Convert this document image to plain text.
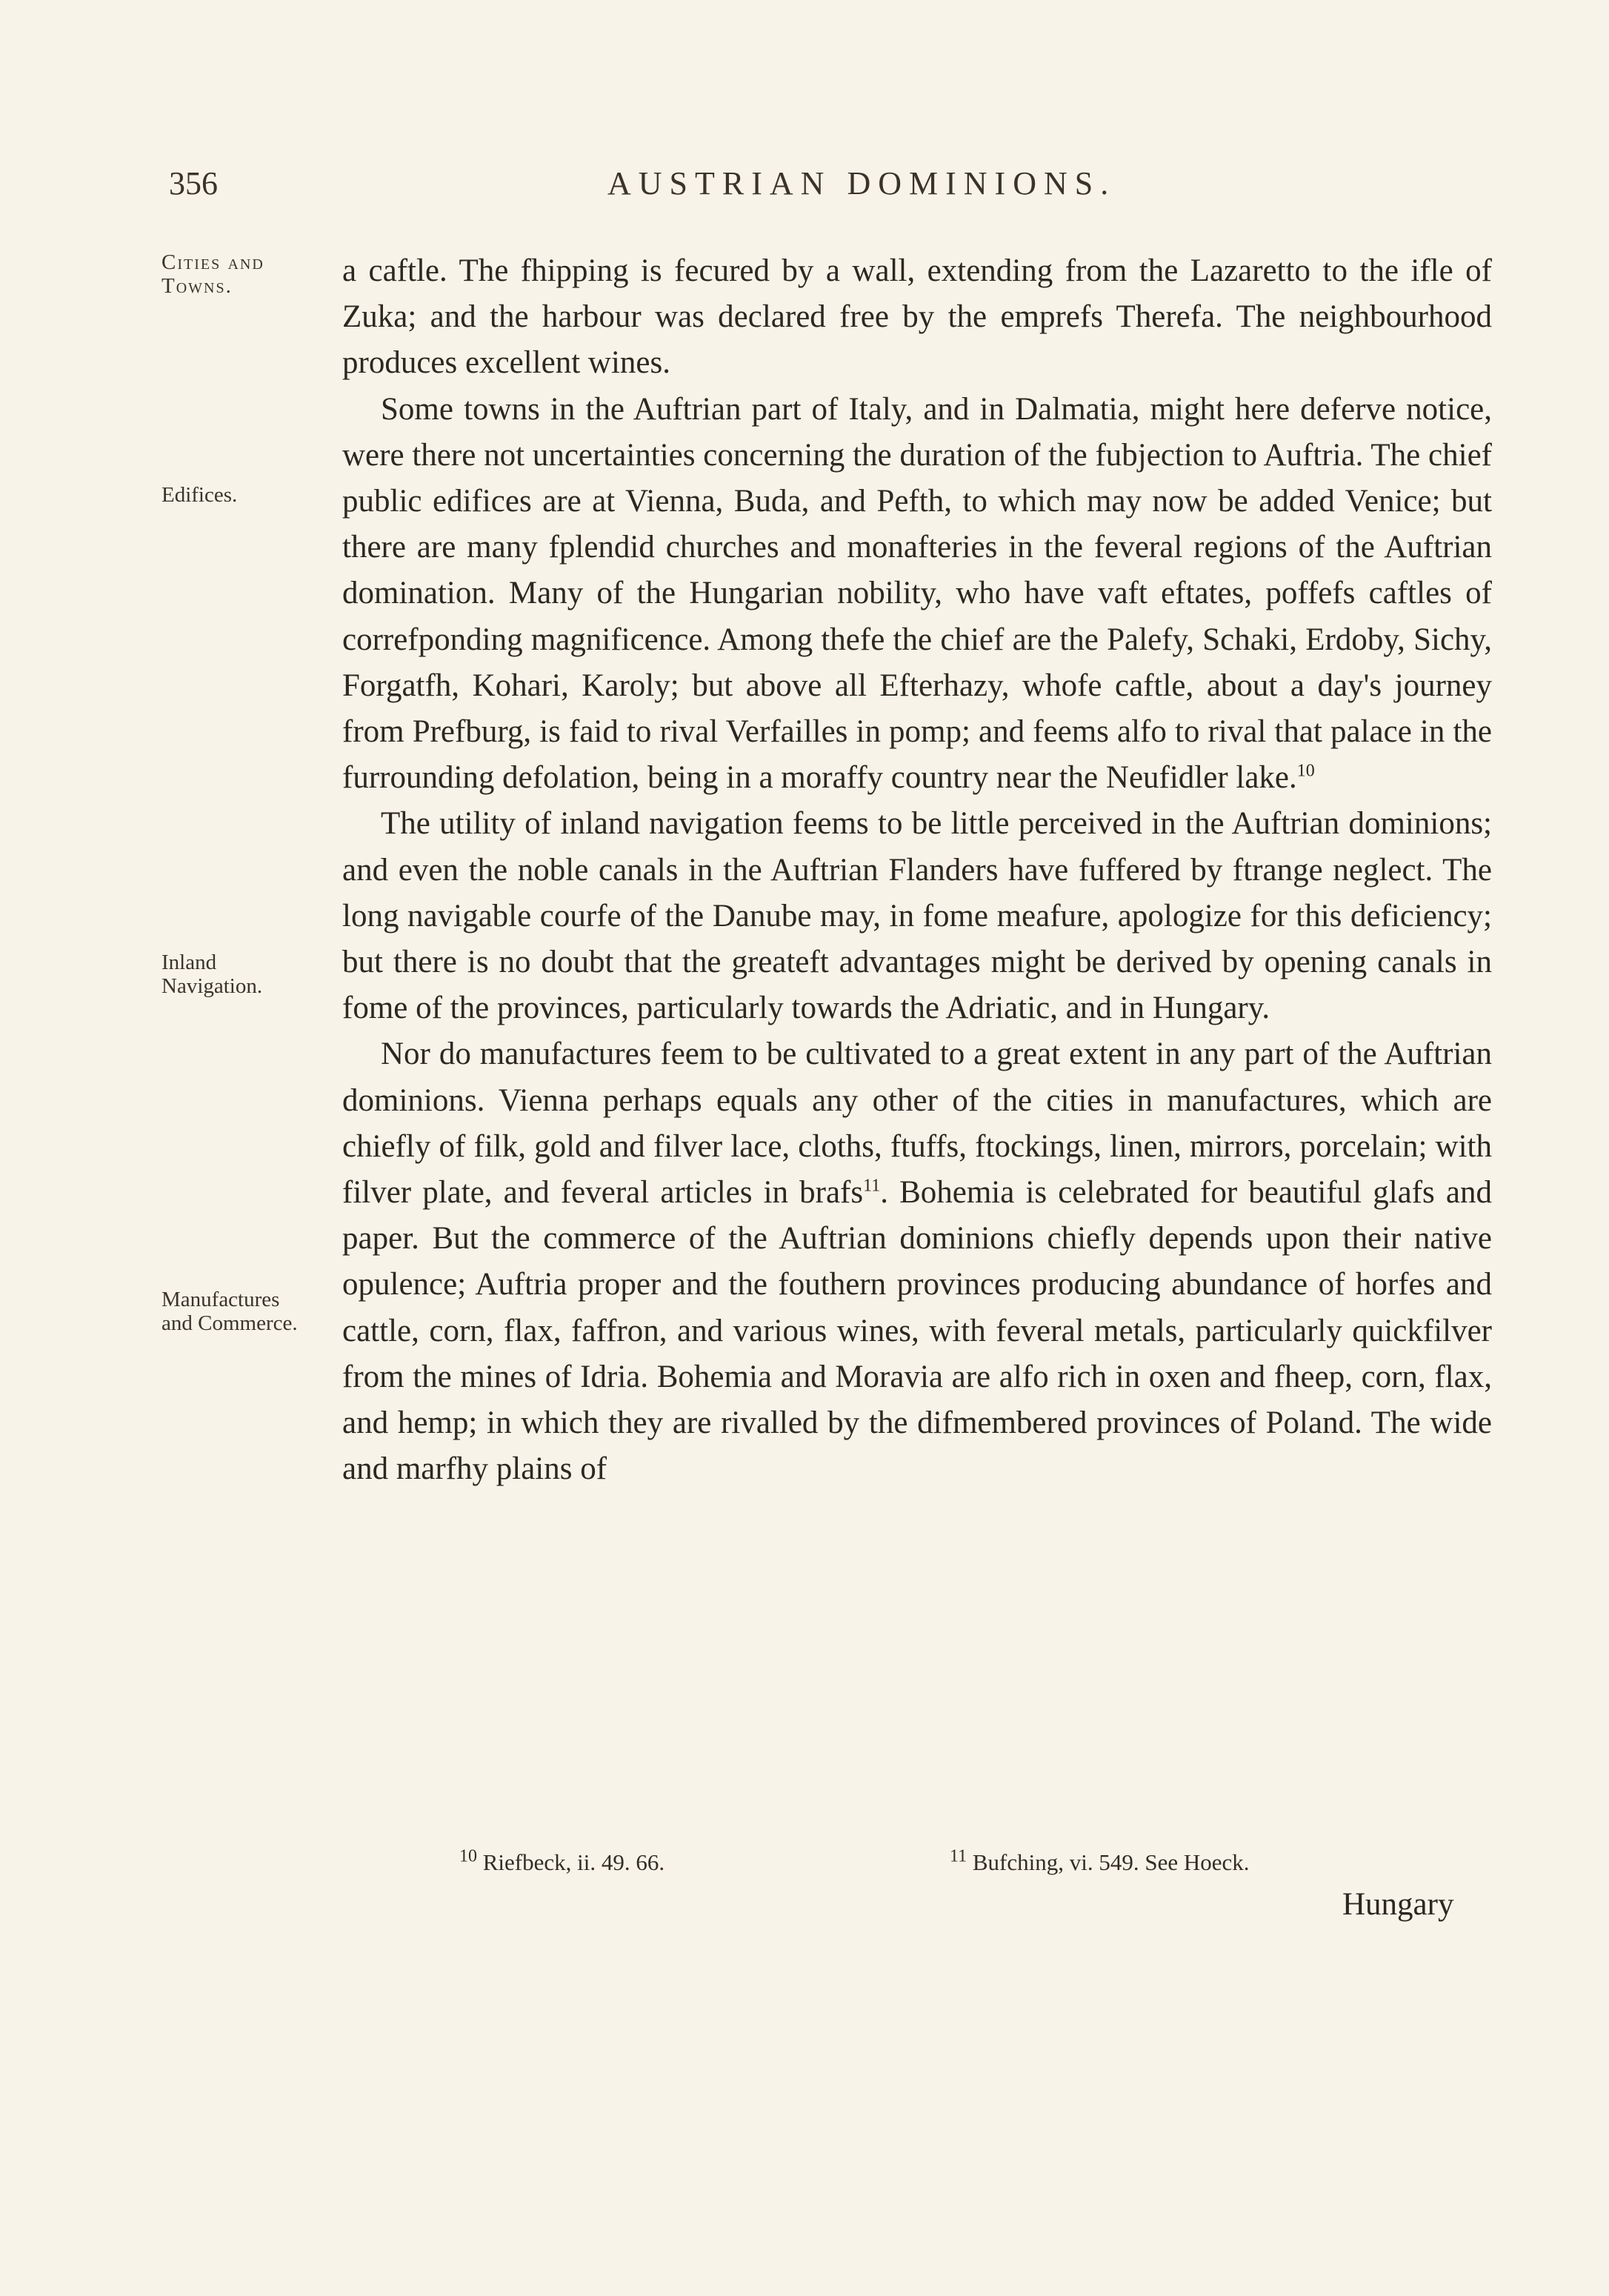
356	AUSTRIAN DOMINIONS.
Cities and Towns.
Edifices.
Inland Navigation.
Manufactures and Commerce.

a caftle. The fhipping is fecured by a wall, extending from the Lazaretto to the ifle of Zuka; and the harbour was declared free by the emprefs Therefa. The neighbourhood produces excellent wines.

Some towns in the Auftrian part of Italy, and in Dalmatia, might here deferve notice, were there not uncertainties concerning the duration of the fubjection to Auftria. The chief public edifices are at Vienna, Buda, and Pefth, to which may now be added Venice; but there are many fplendid churches and monafteries in the feveral regions of the Auftrian domination. Many of the Hungarian nobility, who have vaft eftates, poffefs caftles of correfponding magnificence. Among thefe the chief are the Palefy, Schaki, Erdoby, Sichy, Forgatfh, Kohari, Karoly; but above all Efterhazy, whofe caftle, about a day's journey from Prefburg, is faid to rival Verfailles in pomp; and feems alfo to rival that palace in the furrounding defolation, being in a moraffy country near the Neufidler lake.$^{10}$

The utility of inland navigation feems to be little perceived in the Auftrian dominions; and even the noble canals in the Auftrian Flanders have fuffered by ftrange neglect. The long navigable courfe of the Danube may, in fome meafure, apologize for this deficiency; but there is no doubt that the greateft advantages might be derived by opening canals in fome of the provinces, particularly towards the Adriatic, and in Hungary.

Nor do manufactures feem to be cultivated to a great extent in any part of the Auftrian dominions. Vienna perhaps equals any other of the cities in manufactures, which are chiefly of filk, gold and filver lace, cloths, ftuffs, ftockings, linen, mirrors, porcelain; with filver plate, and feveral articles in brafs$^{11}$. Bohemia is celebrated for beautiful glafs and paper. But the commerce of the Auftrian dominions chiefly depends upon their native opulence; Auftria proper and the fouthern provinces producing abundance of horfes and cattle, corn, flax, faffron, and various wines, with feveral metals, particularly quickfilver from the mines of Idria. Bohemia and Moravia are alfo rich in oxen and fheep, corn, flax, and hemp; in which they are rivalled by the difmembered provinces of Poland. The wide and marfhy plains of

$^{10}$ Riefbeck, ii. 49. 66.	$^{11}$ Bufching, vi. 549. See Hoeck.
Hungary
